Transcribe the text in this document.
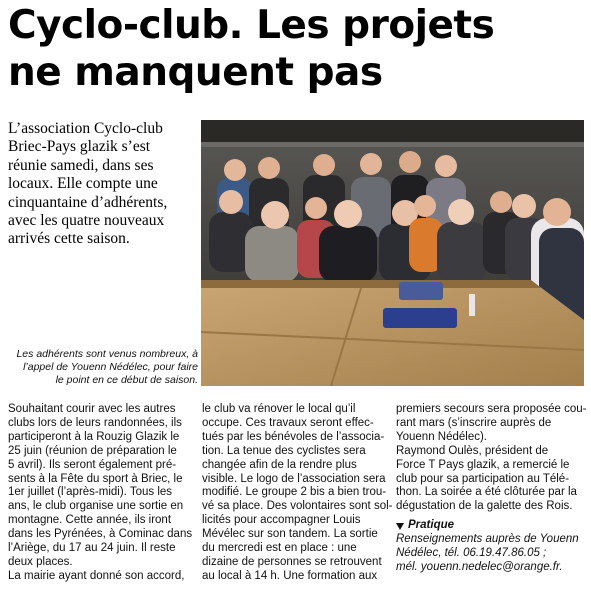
Cyclo-club. Les projets
ne manquent pas
L’association Cyclo-club
Briec-Pays glazik s’est
réunie samedi, dans ses
locaux. Elle compte une
cinquantaine d’adhérents,
avec les quatre nouveaux
arrivés cette saison.
Les adhérents sont venus nombreux, à
l’appel de Youenn Nédélec, pour faire
le point en ce début de saison.
Souhaitant courir avec les autres
clubs lors de leurs randonnées, ils
participeront à la Rouzig Glazik le
25 juin (réunion de préparation le
5 avril). Ils seront également pré-
sents à la Fête du sport à Briec, le
1er juillet (l’après-midi). Tous les
ans, le club organise une sortie en
montagne. Cette année, ils iront
dans les Pyrénées, à Cominac dans
l’Ariège, du 17 au 24 juin. Il reste
deux places.
La mairie ayant donné son accord,
le club va rénover le local qu’il
occupe. Ces travaux seront effec-
tués par les bénévoles de l’associa-
tion. La tenue des cyclistes sera
changée afin de la rendre plus
visible. Le logo de l’association sera
modifié. Le groupe 2 bis a bien trou-
vé sa place. Des volontaires sont sol-
licités pour accompagner Louis
Mévélec sur son tandem. La sortie
du mercredi est en place : une
dizaine de personnes se retrouvent
au local à 14 h. Une formation aux
premiers secours sera proposée cou-
rant mars (s’inscrire auprès de
Youenn Nédélec).
Raymond Oulès, président de
Force T Pays glazik, a remercié le
club pour sa participation au Télé-
thon. La soirée a été clôturée par la
dégustation de la galette des Rois.
Pratique
Renseignements auprès de Youenn
Nédélec, tél. 06.19.47.86.05 ;
mél. youenn.nedelec@orange.fr.
